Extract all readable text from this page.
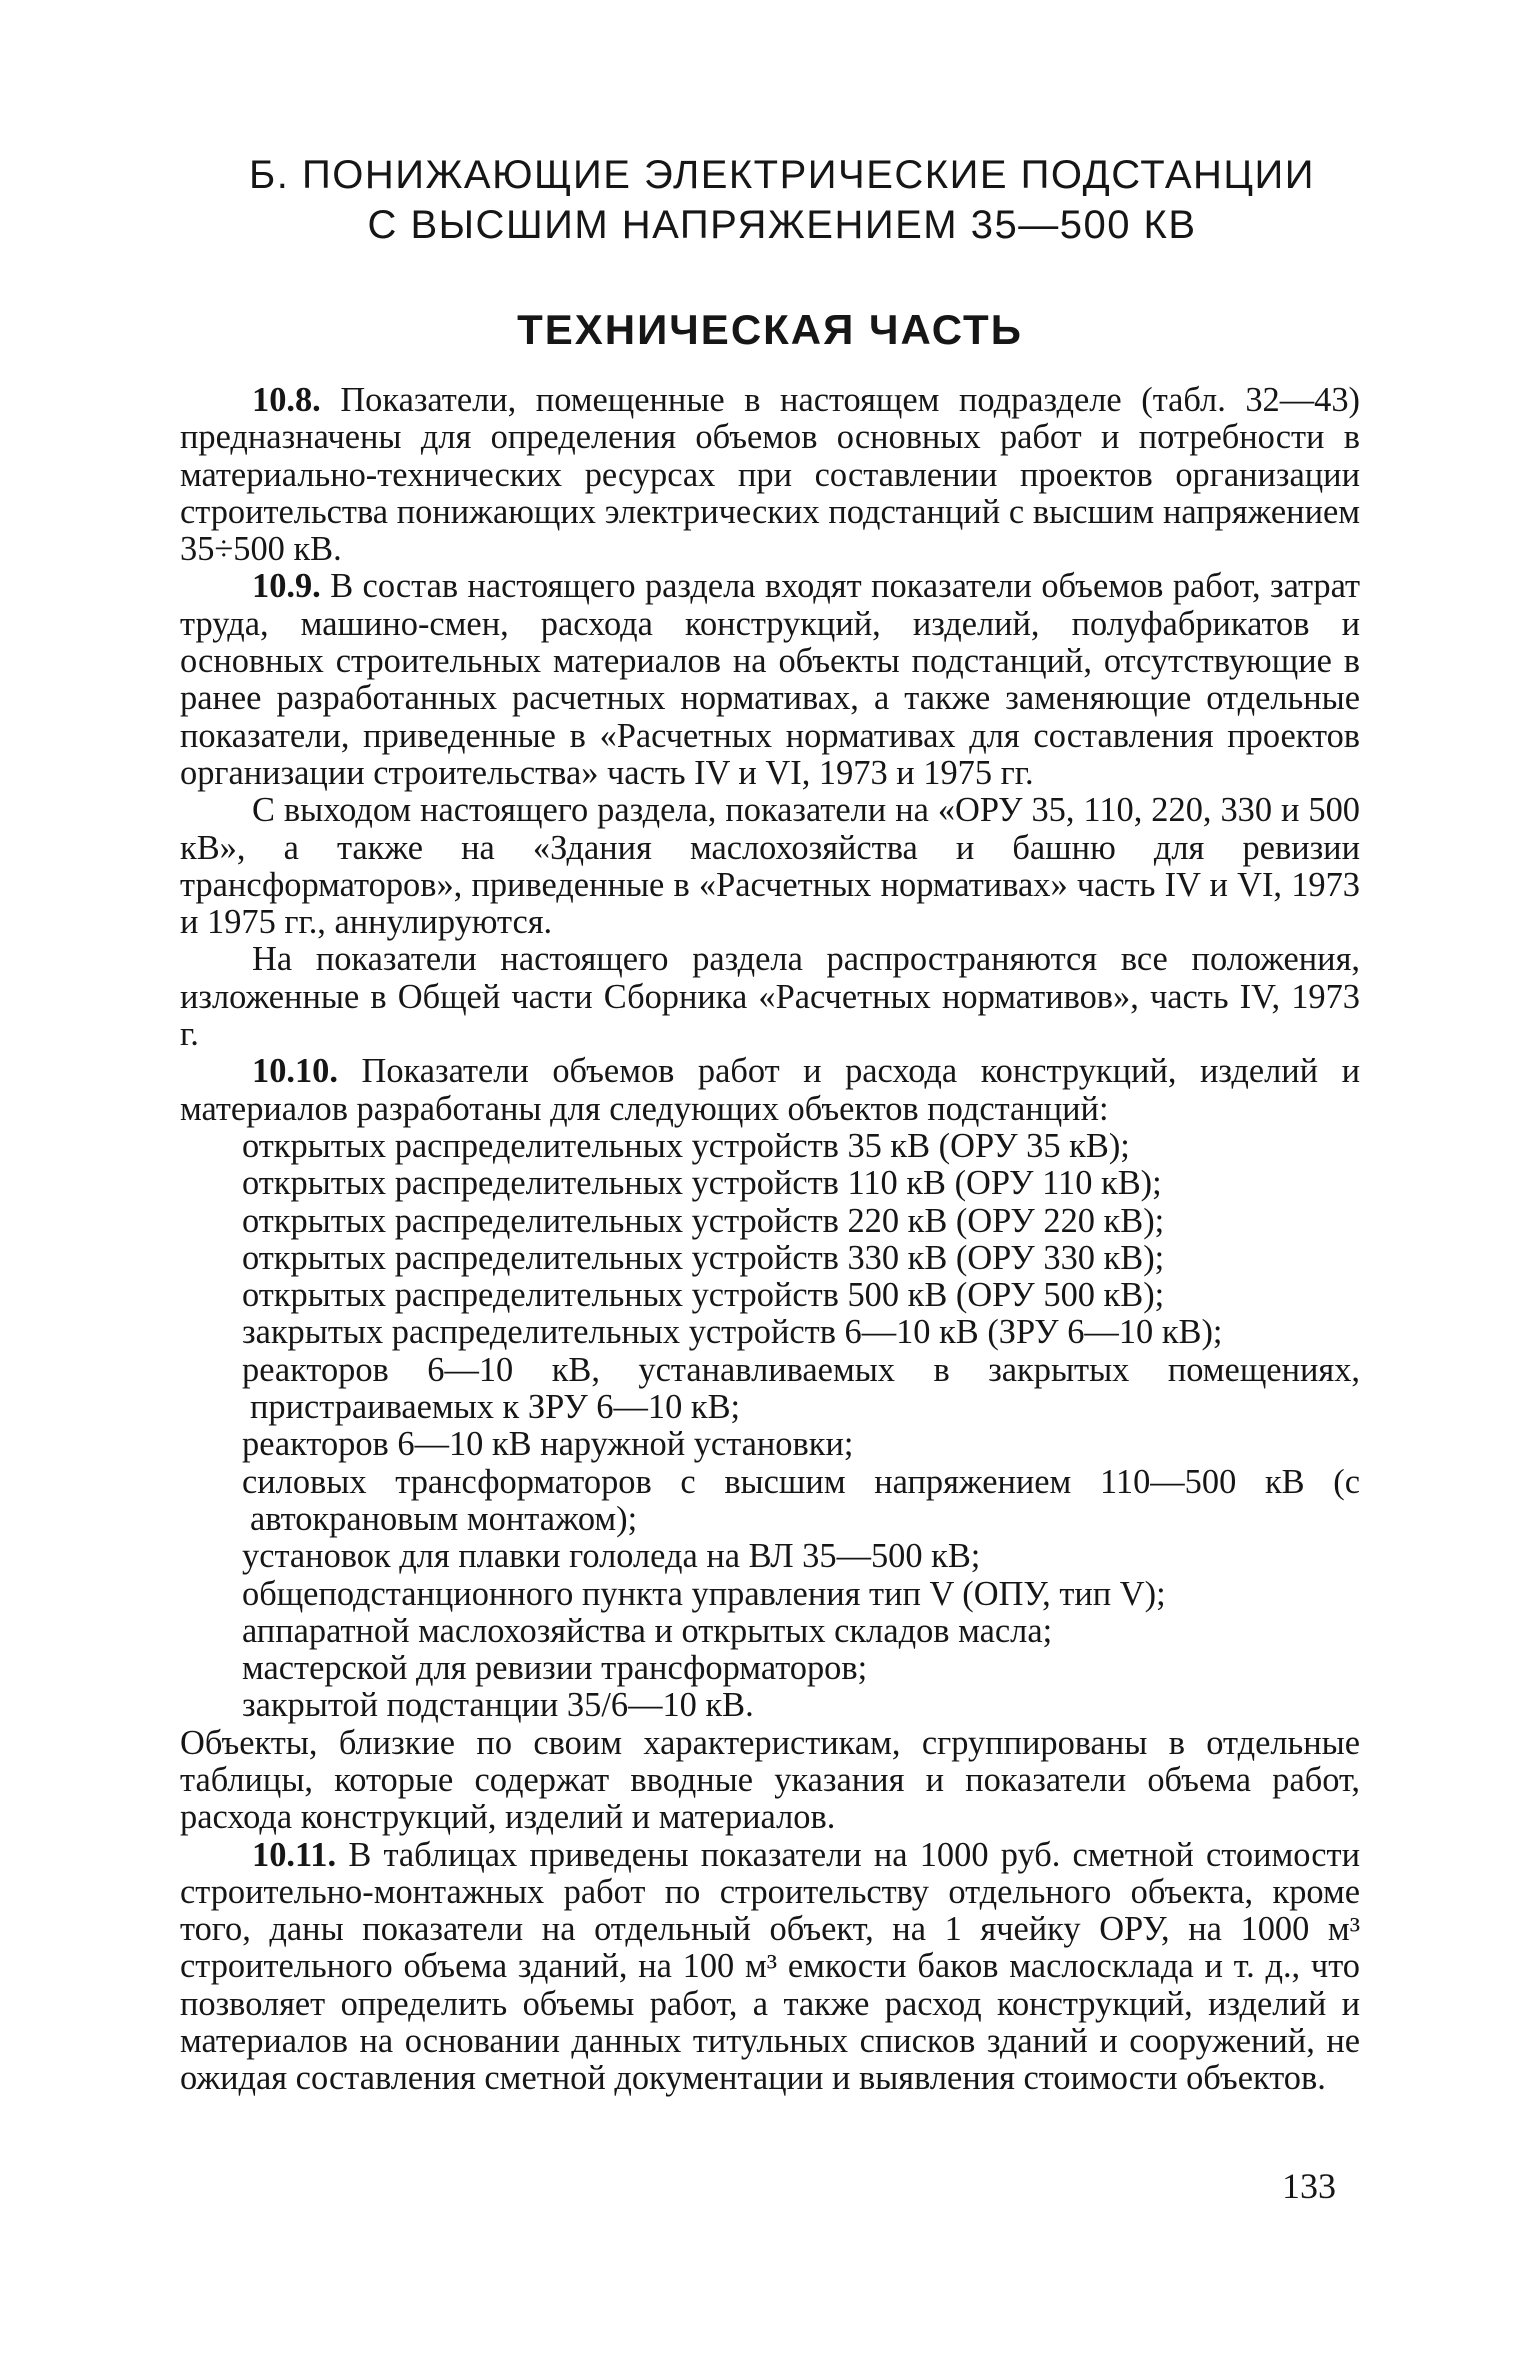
Б. ПОНИЖАЮЩИЕ ЭЛЕКТРИЧЕСКИЕ ПОДСТАНЦИИ
С ВЫСШИМ НАПРЯЖЕНИЕМ 35—500 КВ
ТЕХНИЧЕСКАЯ ЧАСТЬ

10.8. Показатели, помещенные в настоящем подразделе (табл. 32—43) предназначены для определения объемов основных работ и потребности в материально-технических ресурсах при составлении проектов организации строительства понижающих электрических подстанций с высшим напряжением 35÷500 кВ.

10.9. В состав настоящего раздела входят показатели объемов работ, затрат труда, машино-смен, расхода конструкций, изделий, полуфабрикатов и основных строительных материалов на объекты подстанций, отсутствующие в ранее разработанных расчетных нормативах, а также заменяющие отдельные показатели, приведенные в «Расчетных нормативах для составления проектов организации строительства» часть IV и VI, 1973 и 1975 гг.

С выходом настоящего раздела, показатели на «ОРУ 35, 110, 220, 330 и 500 кВ», а также на «Здания маслохозяйства и башню для ревизии трансформаторов», приведенные в «Расчетных нормативах» часть IV и VI, 1973 и 1975 гг., аннулируются.

На показатели настоящего раздела распространяются все положения, изложенные в Общей части Сборника «Расчетных нормативов», часть IV, 1973 г.

10.10. Показатели объемов работ и расхода конструкций, изделий и материалов разработаны для следующих объектов подстанций:

открытых распределительных устройств 35 кВ (ОРУ 35 кВ);
открытых распределительных устройств 110 кВ (ОРУ 110 кВ);
открытых распределительных устройств 220 кВ (ОРУ 220 кВ);
открытых распределительных устройств 330 кВ (ОРУ 330 кВ);
открытых распределительных устройств 500 кВ (ОРУ 500 кВ);
закрытых распределительных устройств 6—10 кВ (ЗРУ 6—10 кВ);
реакторов 6—10 кВ, устанавливаемых в закрытых помещениях, пристраиваемых к ЗРУ 6—10 кВ;
реакторов 6—10 кВ наружной установки;
силовых трансформаторов с высшим напряжением 110—500 кВ (с автокрановым монтажом);
установок для плавки гололеда на ВЛ 35—500 кВ;
общеподстанционного пункта управления тип V (ОПУ, тип V);
аппаратной маслохозяйства и открытых складов масла;
мастерской для ревизии трансформаторов;
закрытой подстанции 35/6—10 кВ.

Объекты, близкие по своим характеристикам, сгруппированы в отдельные таблицы, которые содержат вводные указания и показатели объема работ, расхода конструкций, изделий и материалов.

10.11. В таблицах приведены показатели на 1000 руб. сметной стоимости строительно-монтажных работ по строительству отдельного объекта, кроме того, даны показатели на отдельный объект, на 1 ячейку ОРУ, на 1000 м³ строительного объема зданий, на 100 м³ емкости баков маслосклада и т. д., что позволяет определить объемы работ, а также расход конструкций, изделий и материалов на основании данных титульных списков зданий и сооружений, не ожидая составления сметной документации и выявления стоимости объектов.

133
